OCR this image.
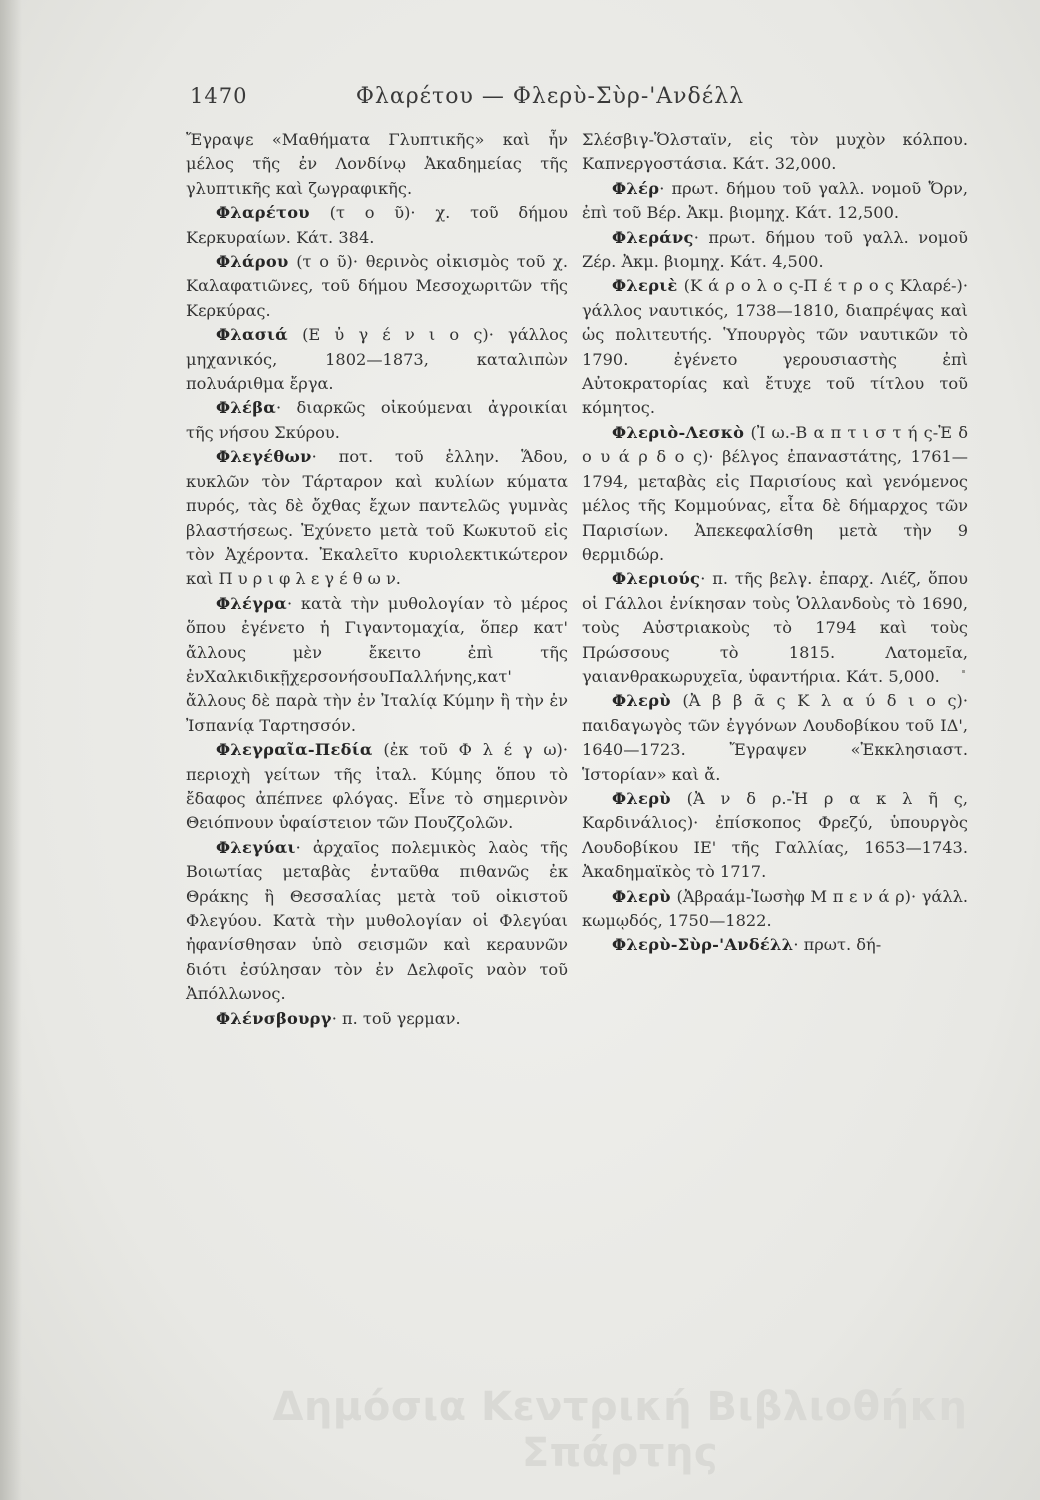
1470	Φλαρέτου — Φλερὺ-Σὺρ-'Ανδέλλ

Ἔγραψε «Μαθήματα Γλυπτικῆς» καὶ ἦν μέλος τῆς ἐν Λονδίνῳ Ἀκαδημείας τῆς γλυπτικῆς καὶ ζωγραφικῆς.

Φλαρέτου (τ ο ῦ)· χ. τοῦ δήμου Κερκυραίων. Κάτ. 384.

Φλάρου (τ ο ῦ)· θερινὸς οἰκισμὸς τοῦ χ. Καλαφατιῶνες, τοῦ δήμου Μεσοχωριτῶν τῆς Κερκύρας.

Φλασιά (Ε ὐ γ έ ν ι ο ς)· γάλλος μηχανικός, 1802—1873, καταλιπὼν πολυάριθμα ἔργα.

Φλέβα· διαρκῶς οἰκούμεναι ἀγροικίαι τῆς νήσου Σκύρου.

Φλεγέθων· ποτ. τοῦ ἑλλην. Ἅδου, κυκλῶν τὸν Τάρταρον καὶ κυλίων κύματα πυρός, τὰς δὲ ὄχθας ἔχων παντελῶς γυμνὰς βλαστήσεως. Ἐχύνετο μετὰ τοῦ Κωκυτοῦ εἰς τὸν Ἀχέροντα. Ἐκαλεῖτο κυριολεκτικώτερον καὶ Π υ ρ ι φ λ ε γ έ θ ω ν.

Φλέγρα· κατὰ τὴν μυθολογίαν τὸ μέρος ὅπου ἐγένετο ἡ Γιγαντομαχία, ὅπερ κατ' ἄλλους μὲν ἔκειτο ἐπὶ τῆς ἐνΧαλκιδικῇχερσονήσουΠαλλήνης,κατ' ἄλλους δὲ παρὰ τὴν ἐν Ἰταλίᾳ Κύμην ἢ τὴν ἐν Ἰσπανίᾳ Ταρτησσόν.

Φλεγραῖα-Πεδία (ἐκ τοῦ Φ λ έ γ ω)· περιοχὴ γείτων τῆς ἰταλ. Κύμης ὅπου τὸ ἔδαφος ἀπέπνεε φλόγας. Εἶνε τὸ σημερινὸν Θειόπνουν ὑφαίστειον τῶν Πουζζολῶν.

Φλεγύαι· ἀρχαῖος πολεμικὸς λαὸς τῆς Βοιωτίας μεταβὰς ἐνταῦθα πιθανῶς ἐκ Θράκης ἢ Θεσσαλίας μετὰ τοῦ οἰκιστοῦ Φλεγύου. Κατὰ τὴν μυθολογίαν οἱ Φλεγύαι ἠφανίσθησαν ὑπὸ σεισμῶν καὶ κεραυνῶν διότι ἐσύλησαν τὸν ἐν Δελφοῖς ναὸν τοῦ Ἀπόλλωνος.

Φλένσβουργ· π. τοῦ γερμαν.

Σλέσβιγ-Ὅλσταϊν, εἰς τὸν μυχὸν κόλπου. Καπνεργοστάσια. Κάτ. 32,000.

Φλέρ· πρωτ. δήμου τοῦ γαλλ. νομοῦ Ὄρν, ἐπὶ τοῦ Βέρ. Ἀκμ. βιομηχ. Κάτ. 12,500.

Φλεράνς· πρωτ. δήμου τοῦ γαλλ. νομοῦ Ζέρ. Ἀκμ. βιομηχ. Κάτ. 4,500.

Φλεριὲ (Κ ά ρ ο λ ο ς-Π έ τ ρ ο ς Κλαρέ-)· γάλλος ναυτικός, 1738—1810, διαπρέψας καὶ ὡς πολιτευτής. Ὑπουργὸς τῶν ναυτικῶν τὸ 1790. ἐγένετο γερουσιαστὴς ἐπὶ Αὐτοκρατορίας καὶ ἔτυχε τοῦ τίτλου τοῦ κόμητος.

Φλεριὸ-Λεσκὸ (Ἰ ω.-Β α π τ ι σ τ ή ς-Ἐ δ ο υ ά ρ δ ο ς)· βέλγος ἐπαναστάτης, 1761—1794, μεταβὰς εἰς Παρισίους καὶ γενόμενος μέλος τῆς Κομμούνας, εἶτα δὲ δήμαρχος τῶν Παρισίων. Ἀπεκεφαλίσθη μετὰ τὴν 9 θερμιδώρ.

Φλεριούς· π. τῆς βελγ. ἐπαρχ. Λιέζ, ὅπου οἱ Γάλλοι ἐνίκησαν τοὺς Ὁλλανδοὺς τὸ 1690, τοὺς Αὐστριακοὺς τὸ 1794 καὶ τοὺς Πρώσσους τὸ 1815. Λατομεῖα, γαιανθρακωρυχεῖα, ὑφαντήρια. Κάτ. 5,000.

Φλερὺ (Ἀ β β ᾶ ς Κ λ α ύ δ ι ο ς)· παιδαγωγὸς τῶν ἐγγόνων Λουδοβίκου τοῦ ΙΔ', 1640—1723. Ἔγραψεν «Ἐκκλησιαστ. Ἱστορίαν» καὶ ἄ.

Φλερὺ (Ἀ ν δ ρ.-Ἡ ρ α κ λ ῆ ς, Καρδινάλιος)· ἐπίσκοπος Φρεζύ, ὑπουργὸς Λουδοβίκου ΙΕ' τῆς Γαλλίας, 1653—1743. Ἀκαδημαϊκὸς τὸ 1717.

Φλερὺ (Ἀβραάμ-Ἰωσὴφ Μ π ε ν ά ρ)· γάλλ. κωμῳδός, 1750—1822.

Φλερὺ-Σὺρ-'Ανδέλλ· πρωτ. δή-

Δημόσια Κεντρική Βιβλιοθήκη Σπάρτης
